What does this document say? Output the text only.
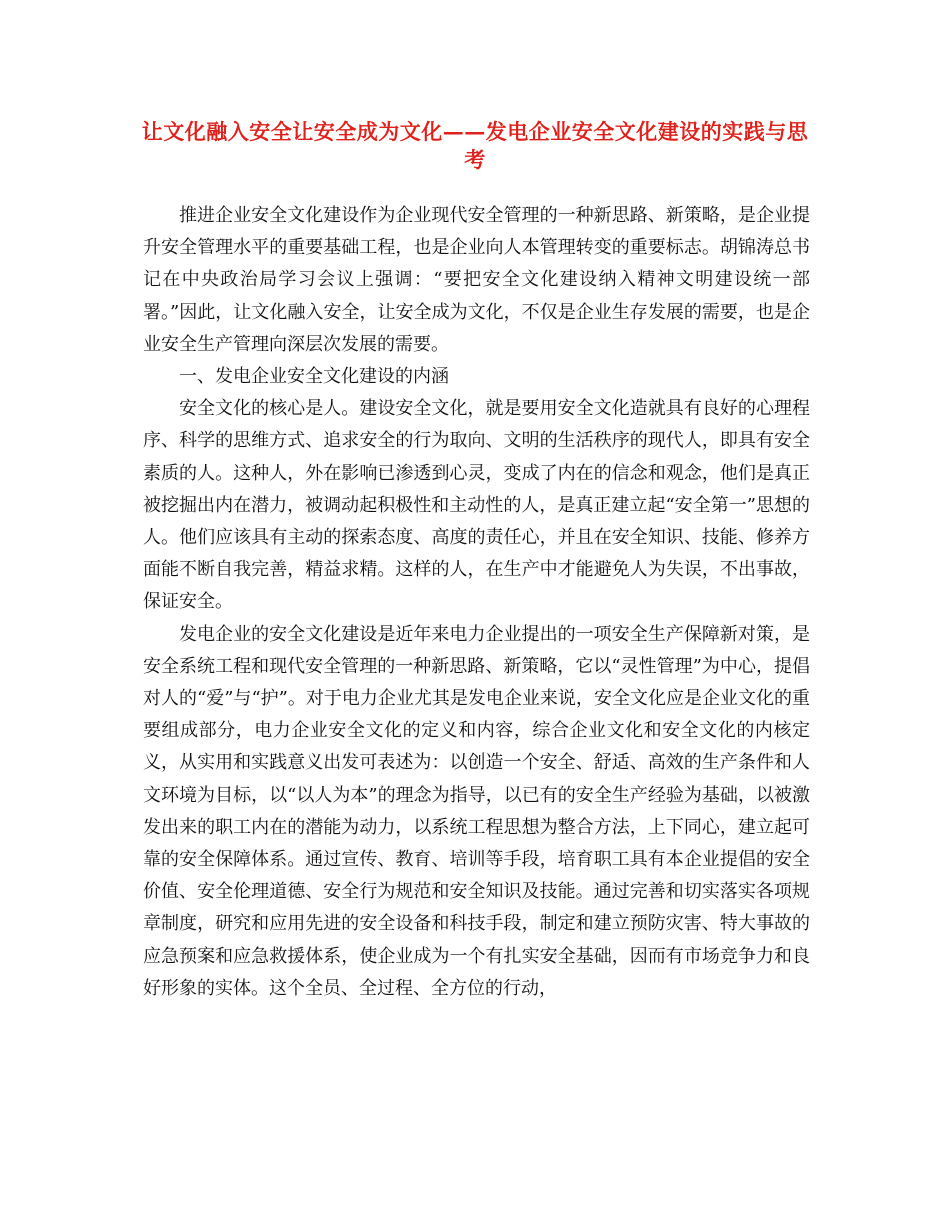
让文化融入安全让安全成为文化——发电企业安全文化建设的实践与思考

推进企业安全文化建设作为企业现代安全管理的一种新思路、新策略，是企业提升安全管理水平的重要基础工程，也是企业向人本管理转变的重要标志。胡锦涛总书记在中央政治局学习会议上强调：“要把安全文化建设纳入精神文明建设统一部署。”因此，让文化融入安全，让安全成为文化，不仅是企业生存发展的需要，也是企业安全生产管理向深层次发展的需要。

一、发电企业安全文化建设的内涵

安全文化的核心是人。建设安全文化，就是要用安全文化造就具有良好的心理程序、科学的思维方式、追求安全的行为取向、文明的生活秩序的现代人，即具有安全素质的人。这种人，外在影响已渗透到心灵，变成了内在的信念和观念，他们是真正被挖掘出内在潜力，被调动起积极性和主动性的人，是真正建立起“安全第一”思想的人。他们应该具有主动的探索态度、高度的责任心，并且在安全知识、技能、修养方面能不断自我完善，精益求精。这样的人，在生产中才能避免人为失误，不出事故，保证安全。

发电企业的安全文化建设是近年来电力企业提出的一项安全生产保障新对策，是安全系统工程和现代安全管理的一种新思路、新策略，它以“灵性管理”为中心，提倡对人的“爱”与“护”。对于电力企业尤其是发电企业来说，安全文化应是企业文化的重要组成部分，电力企业安全文化的定义和内容，综合企业文化和安全文化的内核定义，从实用和实践意义出发可表述为：以创造一个安全、舒适、高效的生产条件和人文环境为目标，以“以人为本”的理念为指导，以已有的安全生产经验为基础，以被激发出来的职工内在的潜能为动力，以系统工程思想为整合方法，上下同心，建立起可靠的安全保障体系。通过宣传、教育、培训等手段，培育职工具有本企业提倡的安全价值、安全伦理道德、安全行为规范和安全知识及技能。通过完善和切实落实各项规章制度，研究和应用先进的安全设备和科技手段，制定和建立预防灾害、特大事故的应急预案和应急救援体系，使企业成为一个有扎实安全基础，因而有市场竞争力和良好形象的实体。这个全员、全过程、全方位的行动，
